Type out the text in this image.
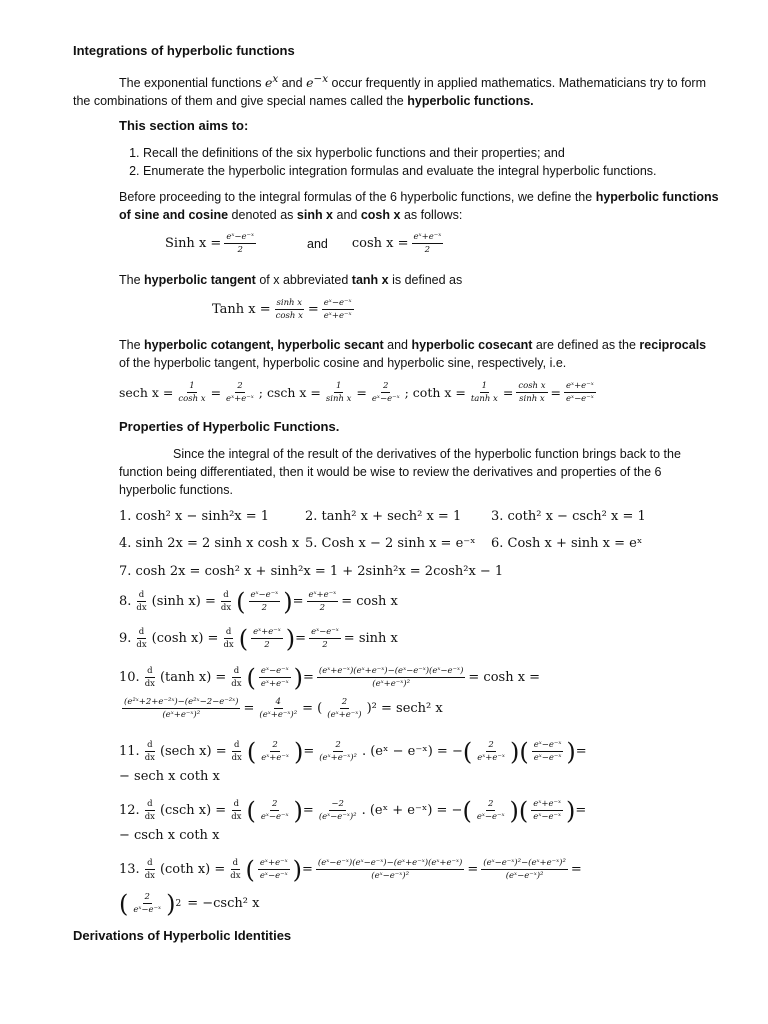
Integrations of hyperbolic functions
The exponential functions $e^x$ and $e^{-x}$ occur frequently in applied mathematics. Mathematicians try to form the combinations of them and give special names called the hyperbolic functions.
This section aims to:
1. Recall the definitions of the six hyperbolic functions and their properties; and
2. Enumerate the hyperbolic integration formulas and evaluate the integral hyperbolic functions.
Before proceeding to the integral formulas of the 6 hyperbolic functions, we define the hyperbolic functions of sine and cosine denoted as sinh x and cosh x as follows:
Sinh $x = \frac{\text{eˣ−e⁻ˣ}}{2}$	and $\cosh x = \frac{\text{eˣ+e⁻ˣ}}{2}$
The hyperbolic tangent of x abbreviated tanh x is defined as
Tanh $x = \frac{\text{sinh x}}{\text{cosh x}} = \frac{\text{eˣ−e⁻ˣ}}{\text{eˣ+e⁻ˣ}}$
The hyperbolic cotangent, hyperbolic secant and hyperbolic cosecant are defined as the reciprocals of the hyperbolic tangent, hyperbolic cosine and hyperbolic sine, respectively, i.e.
sech $x = \frac{1}{\text{cosh x}} = 2$
eˣ+e⁻ˣ ; csch $x = \frac{1}{\text{sinh x}} = 2$
eˣ−e⁻ˣ ; coth $x = \frac{1}{\text{tanh x}} = \cosh x$
sinh x = eˣ+e⁻ˣ
eˣ−e⁻ˣ
Properties of Hyperbolic Functions.
Since the integral of the result of the derivatives of the hyperbolic function brings back to the function being differentiated, then it would be wise to review the derivatives and properties of the 6 hyperbolic functions.
1. cosh² x − sinh²x = 1	2. tanh² x + sech² x = 1 3. coth² x − csch² x = 1
4. sinh 2x = 2 sinh x cosh x 5. Cosh x − 2 sinh x = e⁻ˣ 6. Cosh x + sinh x = eˣ
7. cosh 2x = cosh² x + sinh²x = 1 + 2sinh²x = 2cosh²x − 1
8. d
dx (sinh $x) = \frac{d}{dx}$ ( eˣ−e⁻ˣ
2 ) = $\frac{\text{eˣ+e⁻ˣ}}{2} = \cosh x$
9. d
dx (cosh $x) = \frac{d}{dx}$ ( eˣ+e⁻ˣ
2 ) = $\frac{\text{eˣ−e⁻ˣ}}{2} = \sinh x$
10. d
dx (tanh $x) = \frac{d}{dx}$ ( eˣ−e⁻ˣ
eˣ+e⁻ˣ ) = $\frac{\text{(eˣ+e⁻ˣ)(eˣ+e⁻ˣ)−(eˣ−e⁻ˣ)(eˣ−e⁻ˣ)}}{\text{(eˣ+e⁻ˣ)²}} = \cosh x$ =
$\frac{\text{(e²ˣ+2+e⁻²ˣ)−(e²ˣ−2−e⁻²ˣ)}}{\text{(eˣ+e⁻ˣ)²}} = \frac{4}{\text{(eˣ+e⁻ˣ)²}}$ = ( 2
(eˣ+e⁻ˣ) )² = sech² x
11. d
dx (sech $x) = \frac{d}{dx}$ ( 2
eˣ+e⁻ˣ ) = $\frac{2}{\text{(eˣ+e⁻ˣ)²}}$ . (eˣ − e⁻ˣ) = − ( 2
eˣ+e⁻ˣ ) ( eˣ−e⁻ˣ
eˣ−e⁻ˣ ) =
− sech x coth x
12. d
dx (csch $x) = \frac{d}{dx}$ ( 2
eˣ−e⁻ˣ ) = $\frac{-2}{\text{(eˣ−e⁻ˣ)²}}$ . (eˣ + e⁻ˣ) = − ( 2
eˣ−e⁻ˣ ) ( eˣ+e⁻ˣ
eˣ−e⁻ˣ ) =
− csch x coth x
13. d
dx (coth $x) = \frac{d}{dx}$ ( eˣ+e⁻ˣ
eˣ−e⁻ˣ ) = $\frac{\text{(eˣ−e⁻ˣ)(eˣ−e⁻ˣ)−(eˣ+e⁻ˣ)(eˣ+e⁻ˣ)}}{\text{(eˣ−e⁻ˣ)²}} = \frac{\text{(eˣ−e⁻ˣ)²−(eˣ+e⁻ˣ)²}}{\text{(eˣ−e⁻ˣ)²}}$ =
( 2
eˣ−e⁻ˣ ) 2 = −csch² x
Derivations of Hyperbolic Identities
